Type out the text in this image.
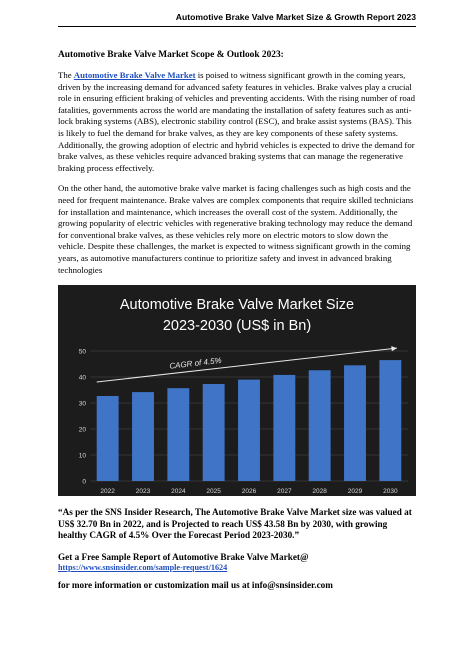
Automotive Brake Valve Market Size & Growth Report 2023
Automotive Brake Valve Market Scope & Outlook 2023:

The Automotive Brake Valve Market is poised to witness significant growth in the coming years, driven by the increasing demand for advanced safety features in vehicles. Brake valves play a crucial role in ensuring efficient braking of vehicles and preventing accidents. With the rising number of road fatalities, governments across the world are mandating the installation of safety features such as anti-lock braking systems (ABS), electronic stability control (ESC), and brake assist systems (BAS). This is likely to fuel the demand for brake valves, as they are key components of these safety systems. Additionally, the growing adoption of electric and hybrid vehicles is expected to drive the demand for brake valves, as these vehicles require advanced braking systems that can manage the regenerative braking process effectively.

On the other hand, the automotive brake valve market is facing challenges such as high costs and the need for frequent maintenance. Brake valves are complex components that require skilled technicians for installation and maintenance, which increases the overall cost of the system. Additionally, the growing popularity of electric vehicles with regenerative braking technology may reduce the demand for conventional brake valves, as these vehicles rely more on electric motors to slow down the vehicle. Despite these challenges, the market is expected to witness significant growth in the coming years, as automotive manufacturers continue to prioritize safety and invest in advanced braking technologies

Automotive Brake Valve Market Size
2023-2030 (US$ in Bn)
0
10
20
30
40
50
2022	2023	2024	2025	2026	2027	2028	2029	2030
CAGR of 4.5%

“As per the SNS Insider Research, The Automotive Brake Valve Market size was valued at US$ 32.70 Bn in 2022, and is Projected to reach US$ 43.58 Bn by 2030, with growing healthy CAGR of 4.5% Over the Forecast Period 2023-2030.”

Get a Free Sample Report of Automotive Brake Valve Market@
https://www.snsinsider.com/sample-request/1624
for more information or customization mail us at info@snsinsider.com
